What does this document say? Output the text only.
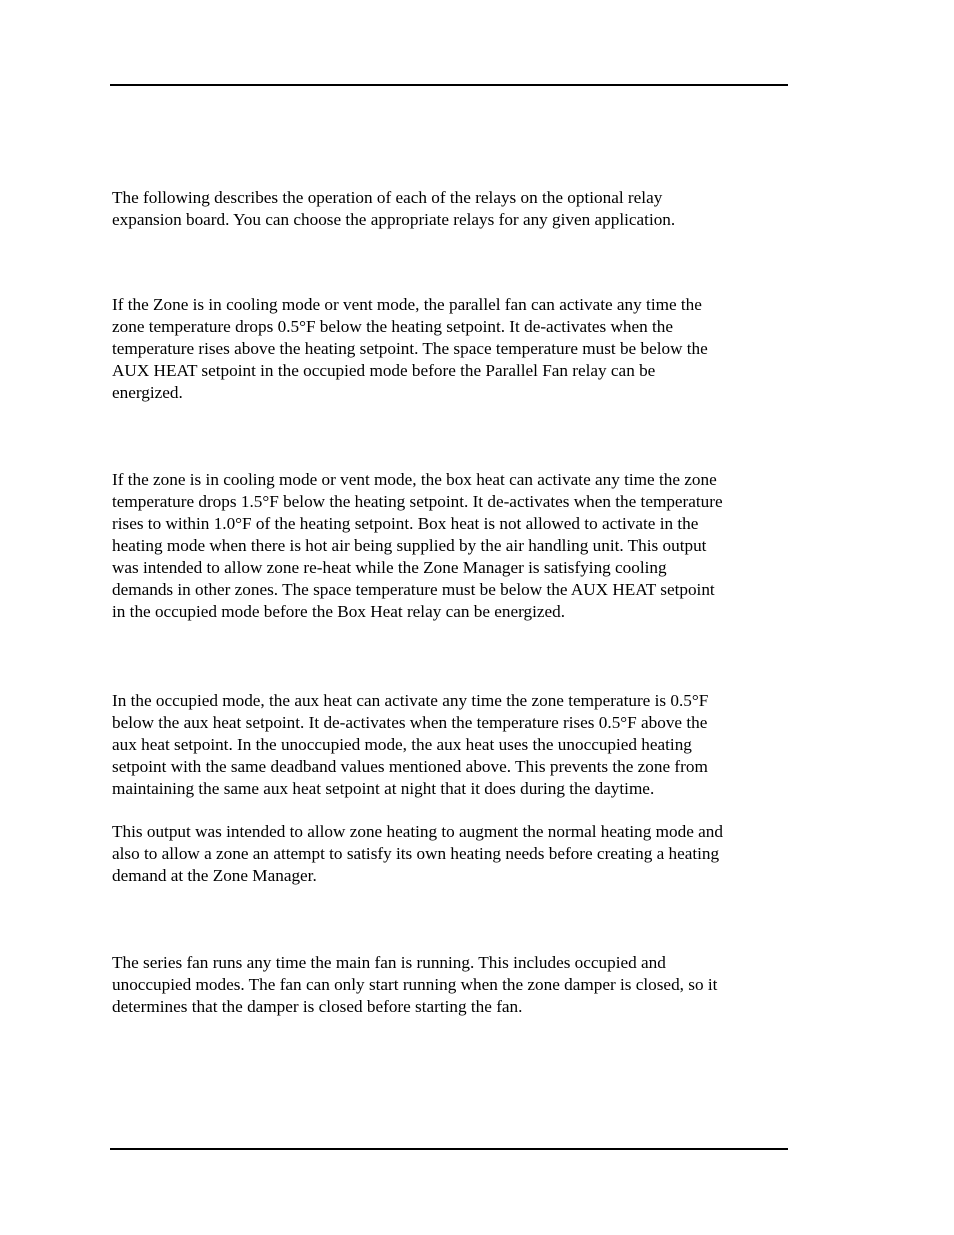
The following describes the operation of each of the relays on the optional relay
expansion board. You can choose the appropriate relays for any given application.

If the Zone is in cooling mode or vent mode, the parallel fan can activate any time the
zone temperature drops 0.5°F below the heating setpoint. It de-activates when the
temperature rises above the heating setpoint. The space temperature must be below the
AUX HEAT setpoint in the occupied mode before the Parallel Fan relay can be
energized.

If the zone is in cooling mode or vent mode, the box heat can activate any time the zone
temperature drops 1.5°F below the heating setpoint. It de-activates when the temperature
rises to within 1.0°F of the heating setpoint. Box heat is not allowed to activate in the
heating mode when there is hot air being supplied by the air handling unit. This output
was intended to allow zone re-heat while the Zone Manager is satisfying cooling
demands in other zones. The space temperature must be below the AUX HEAT setpoint
in the occupied mode before the Box Heat relay can be energized.

In the occupied mode, the aux heat can activate any time the zone temperature is 0.5°F
below the aux heat setpoint. It de-activates when the temperature rises 0.5°F above the
aux heat setpoint. In the unoccupied mode, the aux heat uses the unoccupied heating
setpoint with the same deadband values mentioned above. This prevents the zone from
maintaining the same aux heat setpoint at night that it does during the daytime.

This output was intended to allow zone heating to augment the normal heating mode and
also to allow a zone an attempt to satisfy its own heating needs before creating a heating
demand at the Zone Manager.

The series fan runs any time the main fan is running. This includes occupied and
unoccupied modes. The fan can only start running when the zone damper is closed, so it
determines that the damper is closed before starting the fan.
